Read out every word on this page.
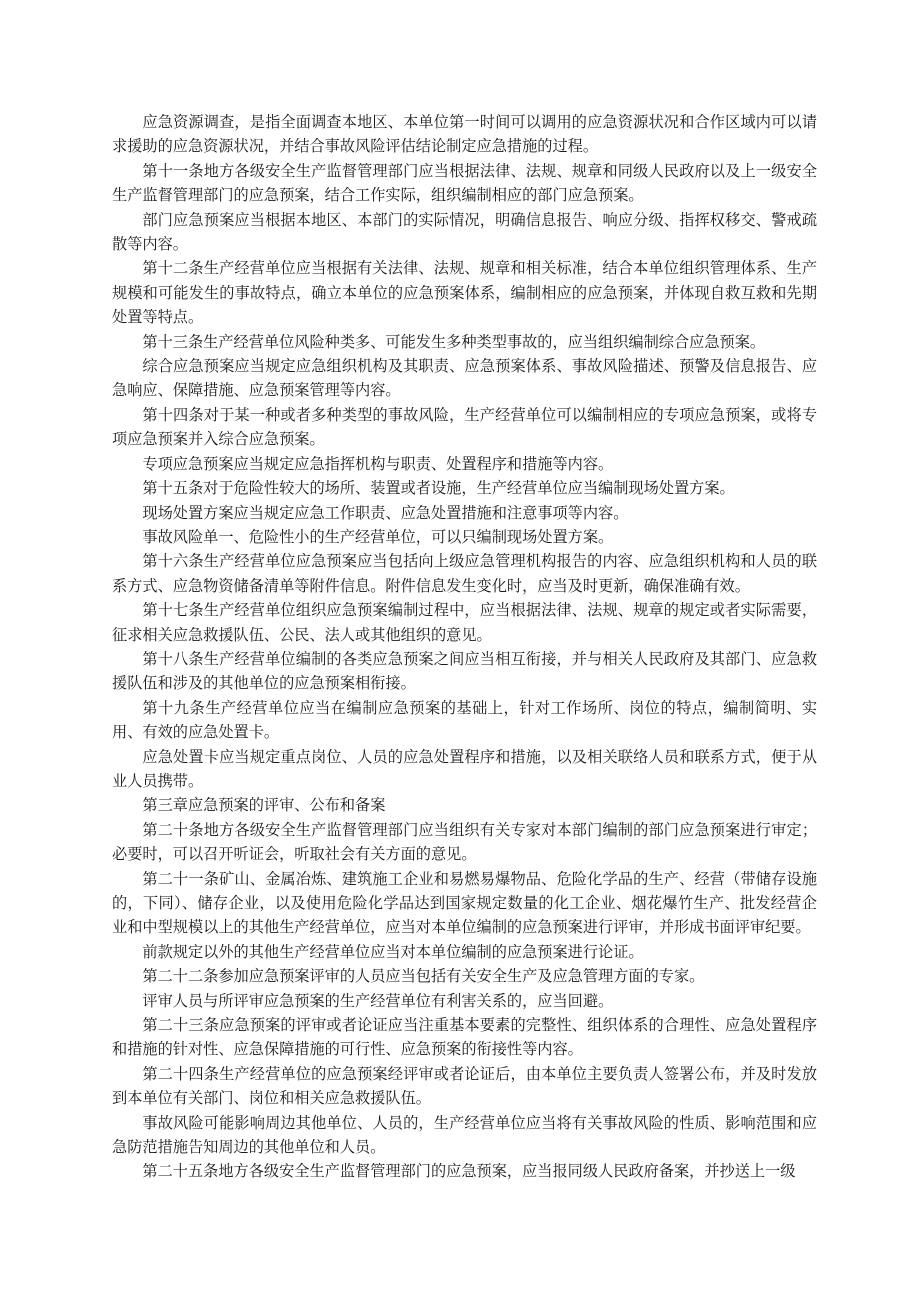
应急资源调查，是指全面调查本地区、本单位第一时间可以调用的应急资源状况和合作区域内可以请求援助的应急资源状况，并结合事故风险评估结论制定应急措施的过程。

第十一条地方各级安全生产监督管理部门应当根据法律、法规、规章和同级人民政府以及上一级安全生产监督管理部门的应急预案，结合工作实际，组织编制相应的部门应急预案。

部门应急预案应当根据本地区、本部门的实际情况，明确信息报告、响应分级、指挥权移交、警戒疏散等内容。

第十二条生产经营单位应当根据有关法律、法规、规章和相关标准，结合本单位组织管理体系、生产规模和可能发生的事故特点，确立本单位的应急预案体系，编制相应的应急预案，并体现自救互救和先期处置等特点。

第十三条生产经营单位风险种类多、可能发生多种类型事故的，应当组织编制综合应急预案。

综合应急预案应当规定应急组织机构及其职责、应急预案体系、事故风险描述、预警及信息报告、应急响应、保障措施、应急预案管理等内容。

第十四条对于某一种或者多种类型的事故风险，生产经营单位可以编制相应的专项应急预案，或将专项应急预案并入综合应急预案。

专项应急预案应当规定应急指挥机构与职责、处置程序和措施等内容。

第十五条对于危险性较大的场所、装置或者设施，生产经营单位应当编制现场处置方案。

现场处置方案应当规定应急工作职责、应急处置措施和注意事项等内容。

事故风险单一、危险性小的生产经营单位，可以只编制现场处置方案。

第十六条生产经营单位应急预案应当包括向上级应急管理机构报告的内容、应急组织机构和人员的联系方式、应急物资储备清单等附件信息。附件信息发生变化时，应当及时更新，确保准确有效。

第十七条生产经营单位组织应急预案编制过程中，应当根据法律、法规、规章的规定或者实际需要，征求相关应急救援队伍、公民、法人或其他组织的意见。

第十八条生产经营单位编制的各类应急预案之间应当相互衔接，并与相关人民政府及其部门、应急救援队伍和涉及的其他单位的应急预案相衔接。

第十九条生产经营单位应当在编制应急预案的基础上，针对工作场所、岗位的特点，编制简明、实用、有效的应急处置卡。

应急处置卡应当规定重点岗位、人员的应急处置程序和措施，以及相关联络人员和联系方式，便于从业人员携带。

第三章应急预案的评审、公布和备案

第二十条地方各级安全生产监督管理部门应当组织有关专家对本部门编制的部门应急预案进行审定；必要时，可以召开听证会，听取社会有关方面的意见。

第二十一条矿山、金属冶炼、建筑施工企业和易燃易爆物品、危险化学品的生产、经营（带储存设施的，下同）、储存企业，以及使用危险化学品达到国家规定数量的化工企业、烟花爆竹生产、批发经营企业和中型规模以上的其他生产经营单位，应当对本单位编制的应急预案进行评审，并形成书面评审纪要。

前款规定以外的其他生产经营单位应当对本单位编制的应急预案进行论证。

第二十二条参加应急预案评审的人员应当包括有关安全生产及应急管理方面的专家。

评审人员与所评审应急预案的生产经营单位有利害关系的，应当回避。

第二十三条应急预案的评审或者论证应当注重基本要素的完整性、组织体系的合理性、应急处置程序和措施的针对性、应急保障措施的可行性、应急预案的衔接性等内容。

第二十四条生产经营单位的应急预案经评审或者论证后，由本单位主要负责人签署公布，并及时发放到本单位有关部门、岗位和相关应急救援队伍。

事故风险可能影响周边其他单位、人员的，生产经营单位应当将有关事故风险的性质、影响范围和应急防范措施告知周边的其他单位和人员。

第二十五条地方各级安全生产监督管理部门的应急预案，应当报同级人民政府备案，并抄送上一级
